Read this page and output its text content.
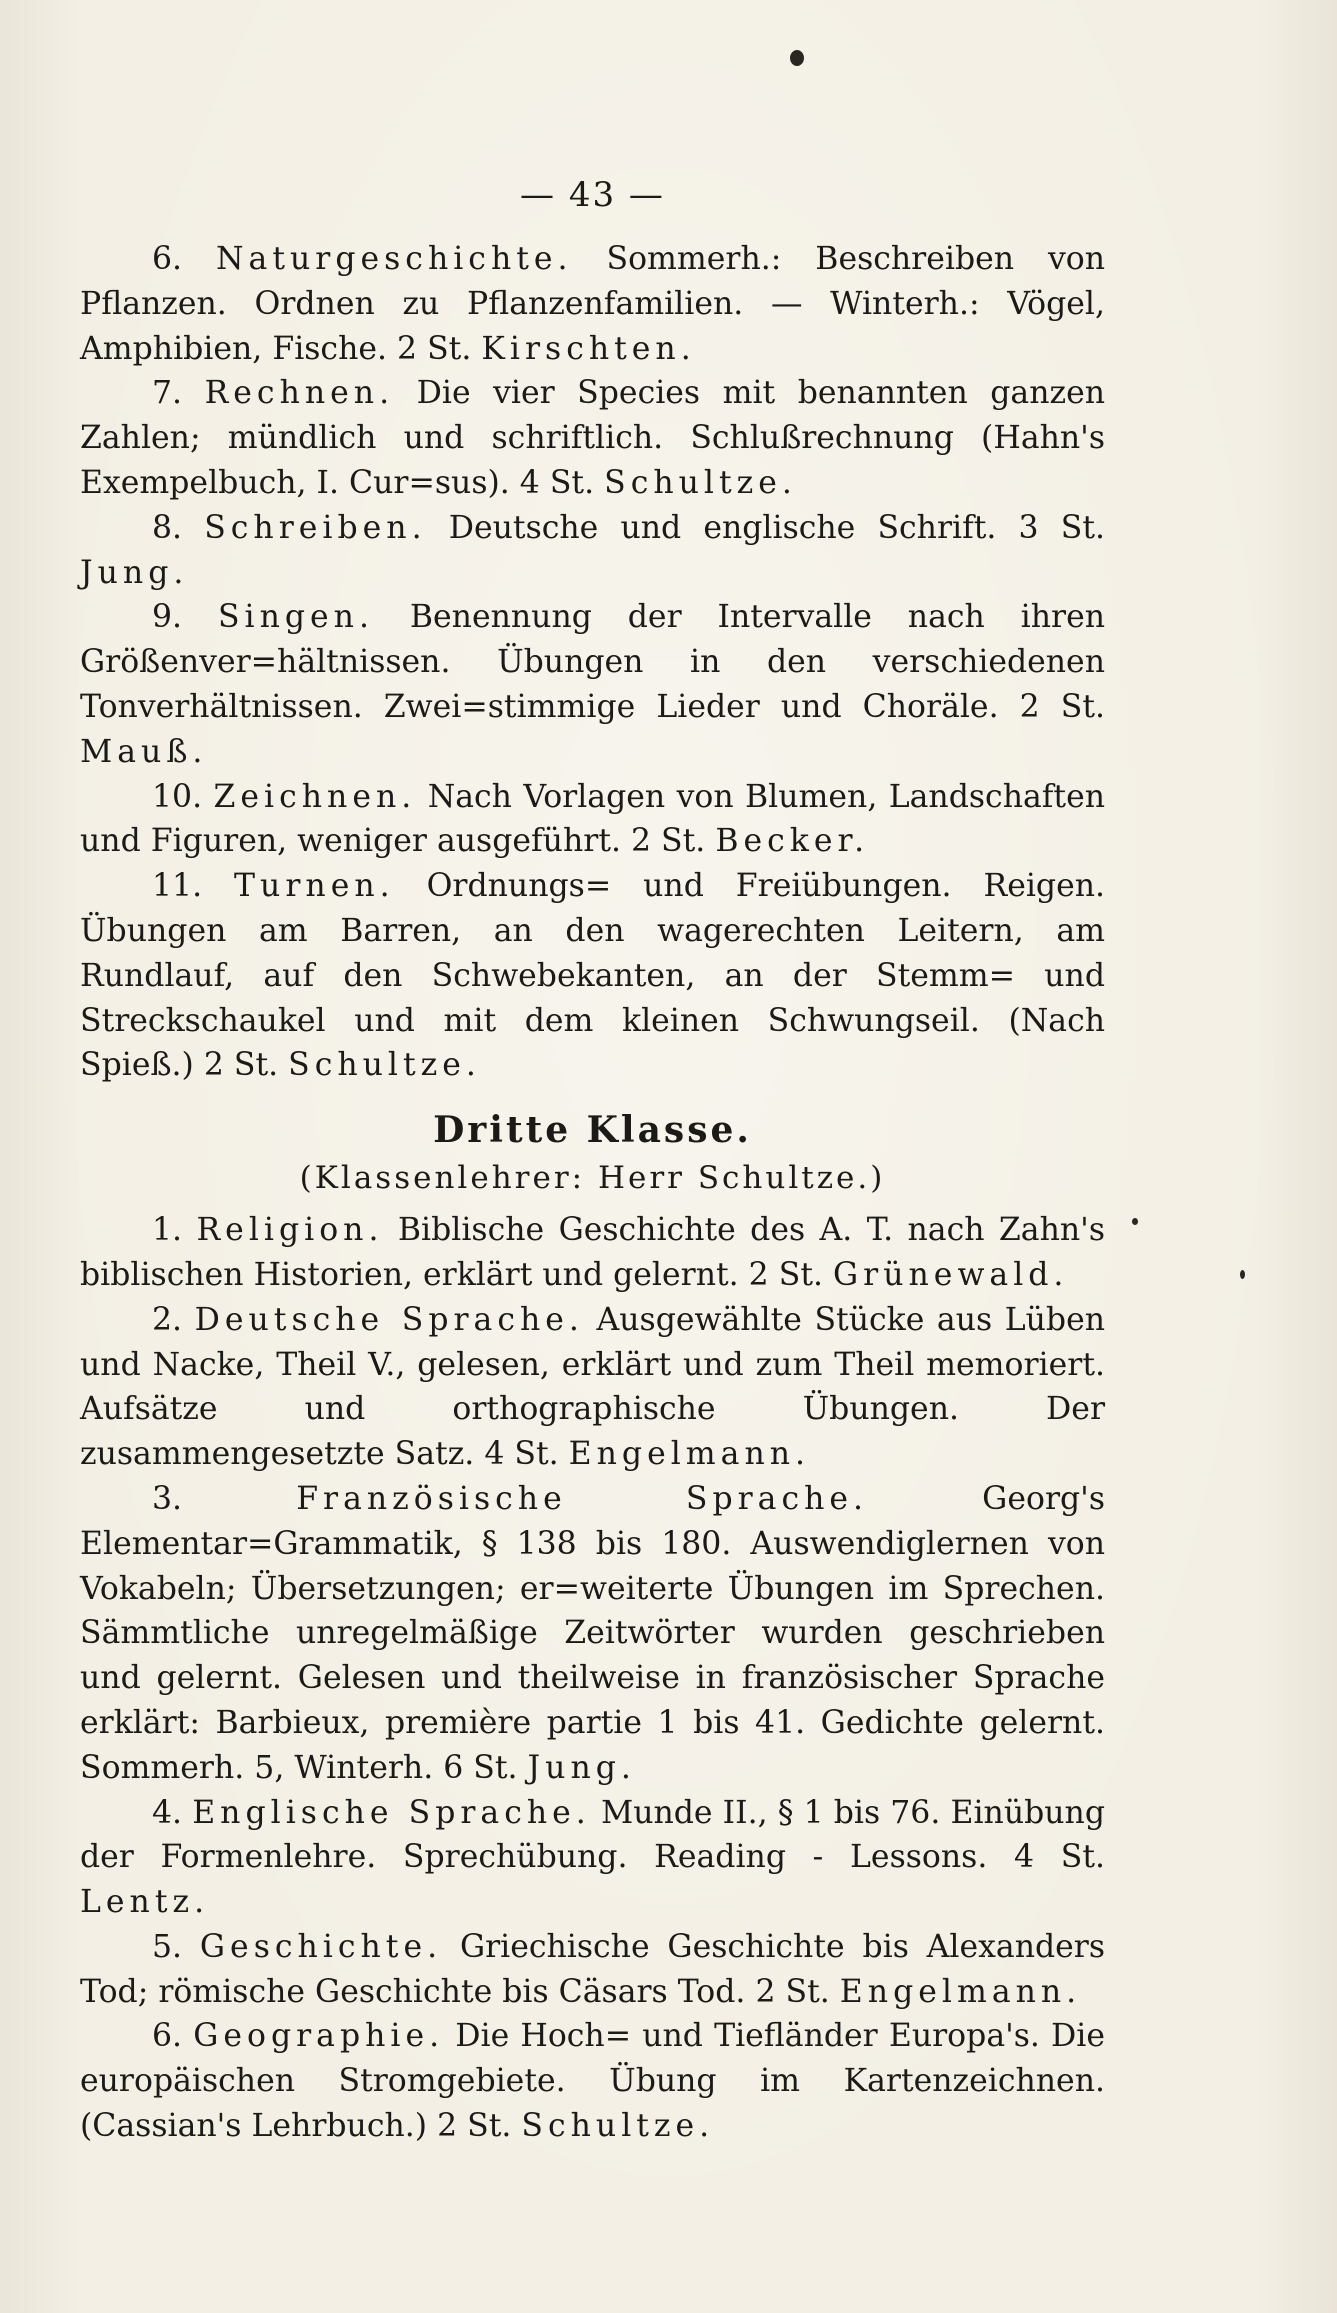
— 43 —

6. Naturgeschichte. Sommerh.: Beschreiben von Pflanzen. Ordnen zu Pflanzenfamilien. — Winterh.: Vögel, Amphibien, Fische. 2 St. Kirschten.

7. Rechnen. Die vier Species mit benannten ganzen Zahlen; mündlich und schriftlich. Schlußrechnung (Hahn's Exempelbuch, I. Cur=sus). 4 St. Schultze.

8. Schreiben. Deutsche und englische Schrift. 3 St. Jung.

9. Singen. Benennung der Intervalle nach ihren Größenver=hältnissen. Übungen in den verschiedenen Tonverhältnissen. Zwei=stimmige Lieder und Choräle. 2 St. Mauß.

10. Zeichnen. Nach Vorlagen von Blumen, Landschaften und Figuren, weniger ausgeführt. 2 St. Becker.

11. Turnen. Ordnungs= und Freiübungen. Reigen. Übungen am Barren, an den wagerechten Leitern, am Rundlauf, auf den Schwebekanten, an der Stemm= und Streckschaukel und mit dem kleinen Schwungseil. (Nach Spieß.) 2 St. Schultze.

Dritte Klasse.
(Klassenlehrer: Herr Schultze.)

1. Religion. Biblische Geschichte des A. T. nach Zahn's biblischen Historien, erklärt und gelernt. 2 St. Grünewald.

2. Deutsche Sprache. Ausgewählte Stücke aus Lüben und Nacke, Theil V., gelesen, erklärt und zum Theil memoriert. Aufsätze und orthographische Übungen. Der zusammengesetzte Satz. 4 St. Engelmann.

3.	Französische Sprache.	Georg's Elementar=Grammatik, § 138 bis 180. Auswendiglernen von Vokabeln; Übersetzungen; er=weiterte Übungen im Sprechen. Sämmtliche unregelmäßige Zeitwörter wurden geschrieben und gelernt. Gelesen und theilweise in französischer Sprache erklärt: Barbieux, première partie 1 bis 41. Gedichte gelernt. Sommerh. 5, Winterh. 6 St. Jung.

4. Englische Sprache. Munde II., § 1 bis 76. Einübung der Formenlehre. Sprechübung. Reading - Lessons. 4 St. Lentz.

5. Geschichte. Griechische Geschichte bis Alexanders Tod; römische Geschichte bis Cäsars Tod. 2 St. Engelmann.

6. Geographie. Die Hoch= und Tiefländer Europa's. Die europäischen Stromgebiete. Übung im Kartenzeichnen. (Cassian's Lehrbuch.) 2 St. Schultze.
